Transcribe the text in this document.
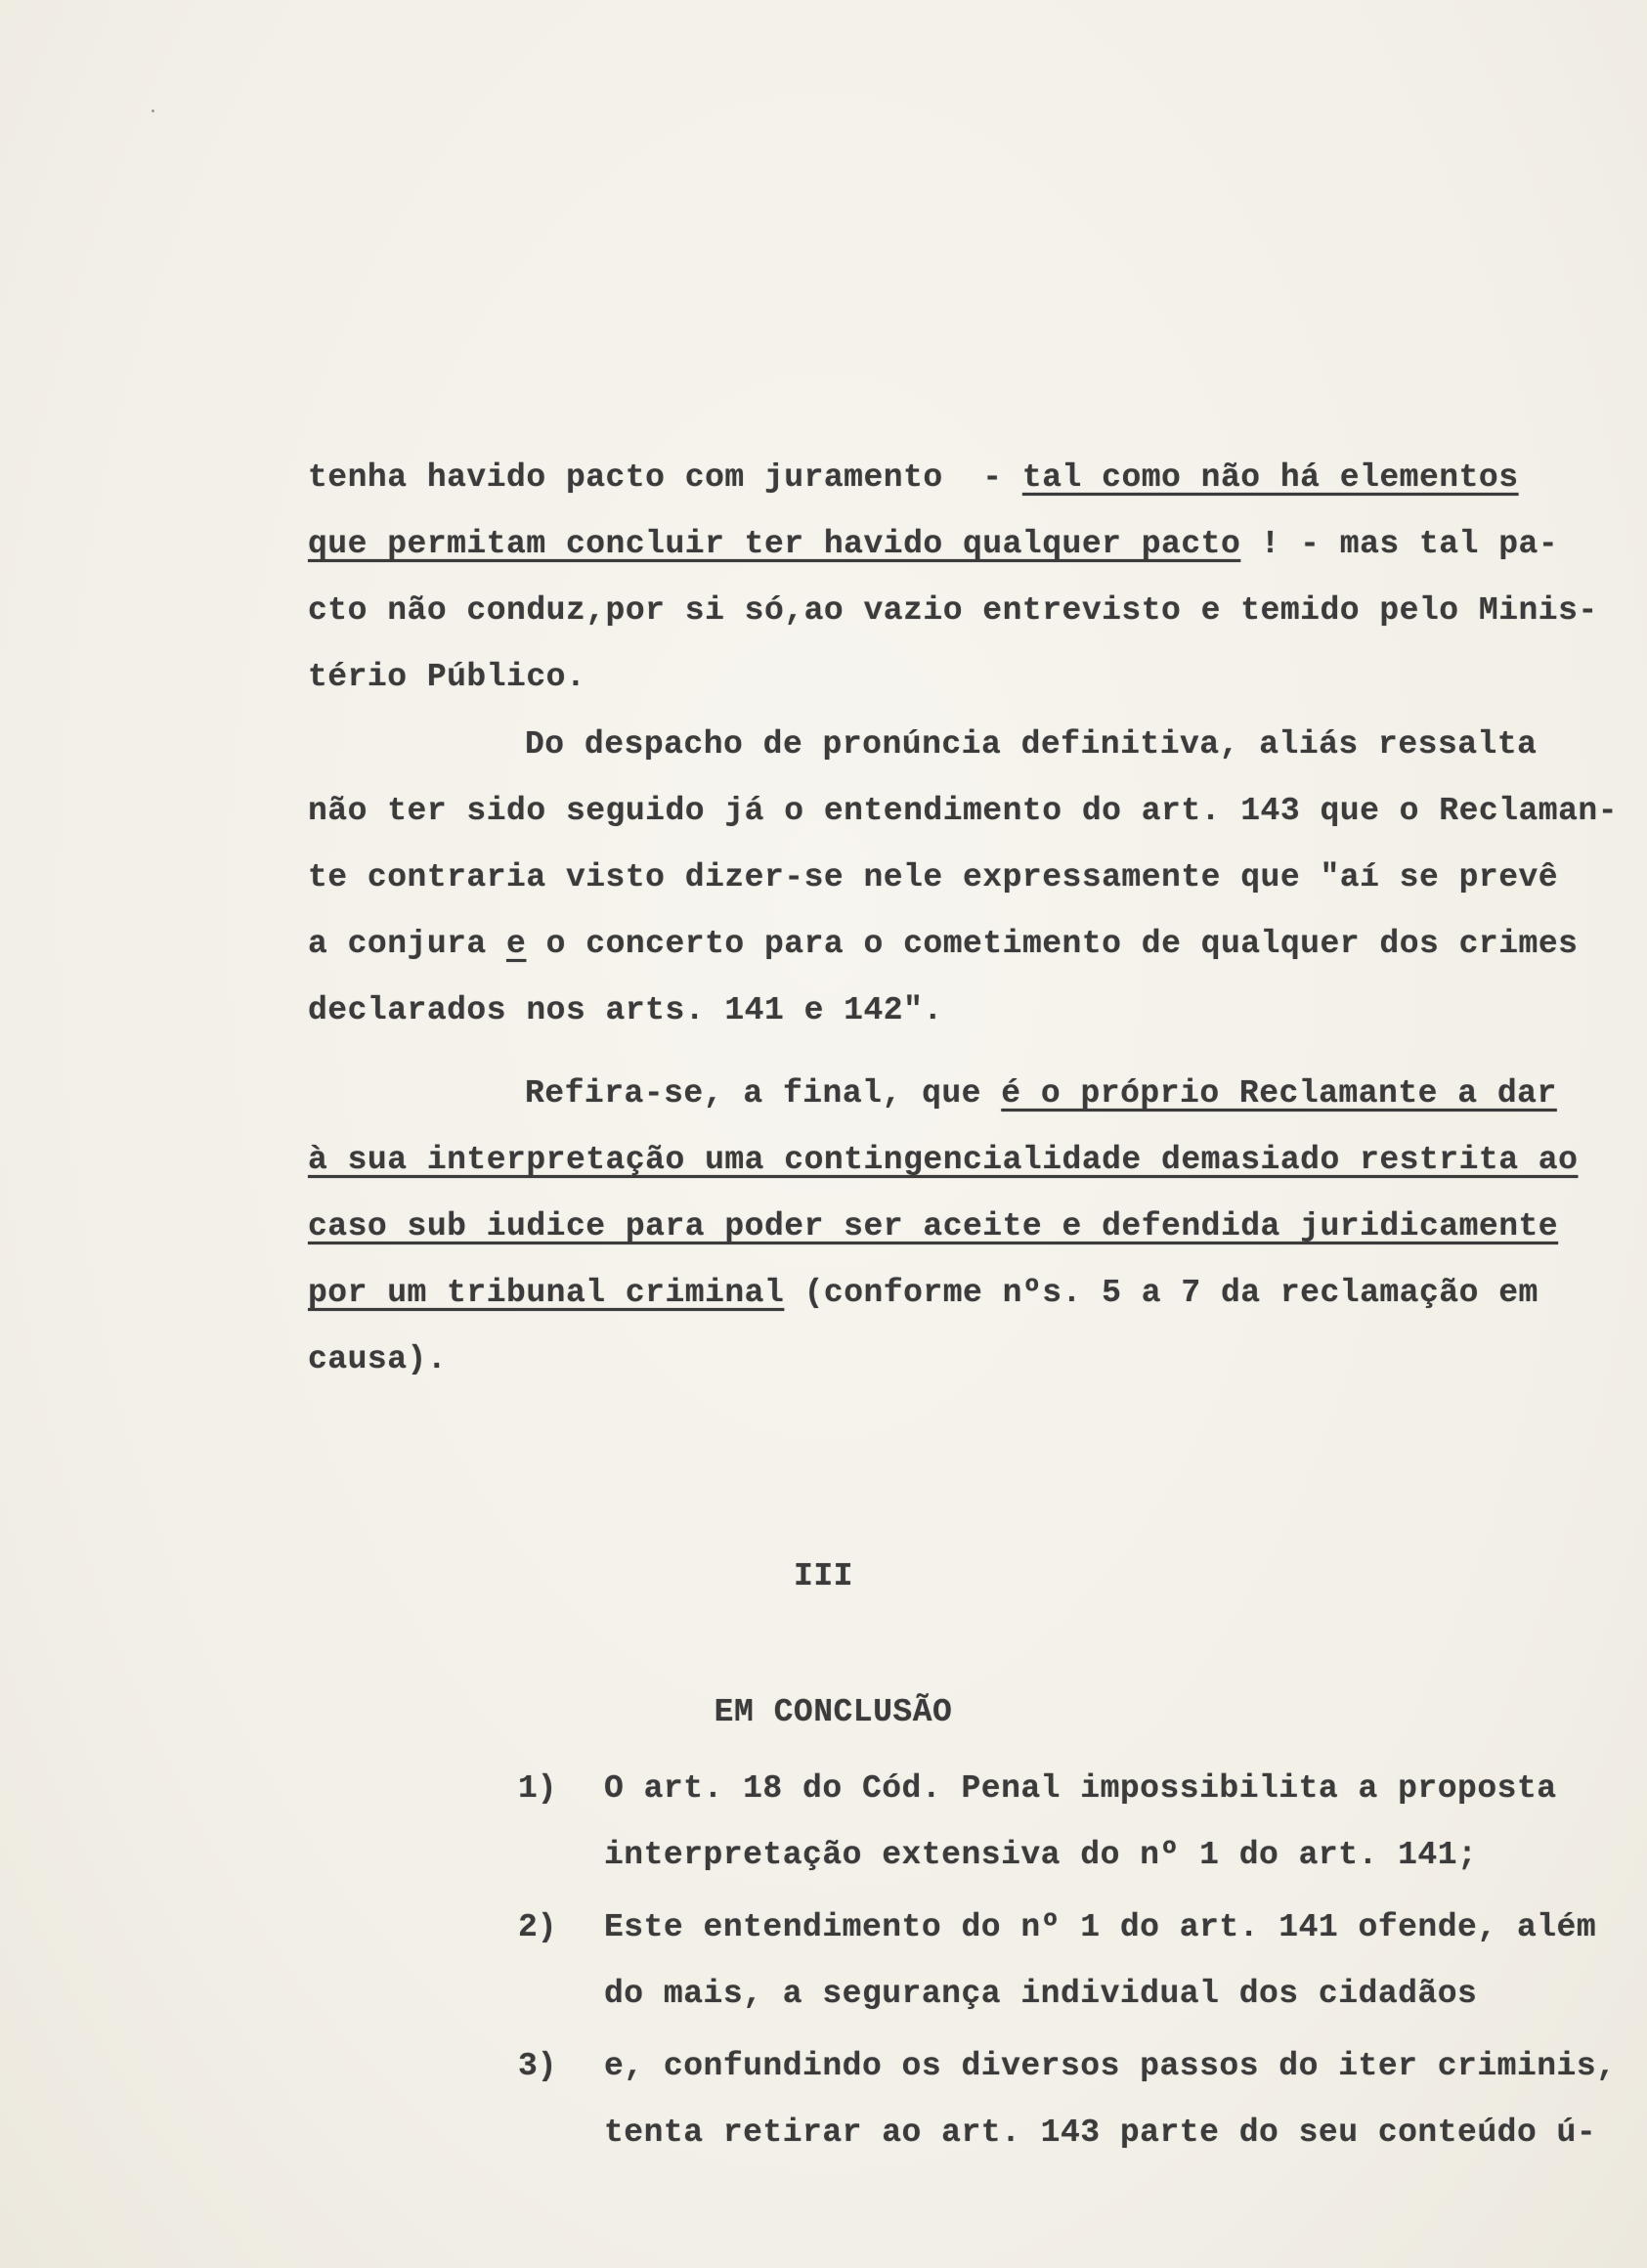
tenha havido pacto com juramento  - tal como não há elementos
que permitam concluir ter havido qualquer pacto ! - mas tal pa-
cto não conduz,por si só,ao vazio entrevisto e temido pelo Minis-
tério Público.
Do despacho de pronúncia definitiva, aliás ressalta
não ter sido seguido já o entendimento do art. 143 que o Reclaman-
te contraria visto dizer-se nele expressamente que "aí se prevê
a conjura e o concerto para o cometimento de qualquer dos crimes
declarados nos arts. 141 e 142".
Refira-se, a final, que é o próprio Reclamante a dar
à sua interpretação uma contingencialidade demasiado restrita ao
caso sub iudice para poder ser aceite e defendida juridicamente
por um tribunal criminal (conforme nºs. 5 a 7 da reclamação em
causa).
III
EM CONCLUSÃO
1) O art. 18 do Cód. Penal impossibilita a proposta
interpretação extensiva do nº 1 do art. 141;
2) Este entendimento do nº 1 do art. 141 ofende, além
do mais, a segurança individual dos cidadãos
3) e, confundindo os diversos passos do iter criminis,
tenta retirar ao art. 143 parte do seu conteúdo ú-
